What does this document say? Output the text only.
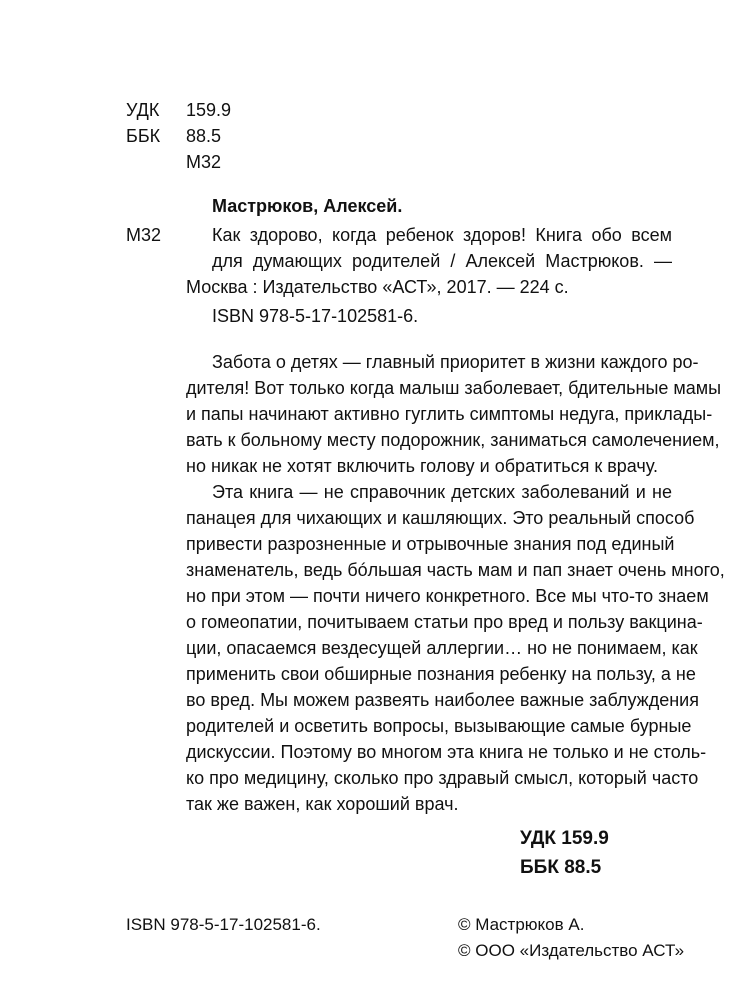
УДК 159.9
ББК 88.5
М32
Мастрюков, Алексей.
М32	Как здорово, когда ребенок здоров! Книга обо всем
для думающих родителей / Алексей Мастрюков. —
Москва : Издательство «АСТ», 2017. — 224 с.
ISBN 978-5-17-102581-6.
Забота о детях — главный приоритет в жизни каждого ро-
дителя! Вот только когда малыш заболевает, бдительные мамы
и папы начинают активно гуглить симптомы недуга, приклады-
вать к больному месту подорожник, заниматься самолечением,
но никак не хотят включить голову и обратиться к врачу.
Эта книга — не справочник детских заболеваний и не
панацея для чихающих и кашляющих. Это реальный способ
привести разрозненные и отрывочные знания под единый
знаменатель, ведь бóльшая часть мам и пап знает очень много,
но при этом — почти ничего конкретного. Все мы что-то знаем
о гомеопатии, почитываем статьи про вред и пользу вакцина-
ции, опасаемся вездесущей аллергии… но не понимаем, как
применить свои обширные познания ребенку на пользу, а не
во вред. Мы можем развеять наиболее важные заблуждения
родителей и осветить вопросы, вызывающие самые бурные
дискуссии. Поэтому во многом эта книга не только и не столь-
ко про медицину, сколько про здравый смысл, который часто
так же важен, как хороший врач.
УДК 159.9
ББК 88.5
ISBN 978-5-17-102581-6.	© Мастрюков А.
© ООО «Издательство АСТ»
